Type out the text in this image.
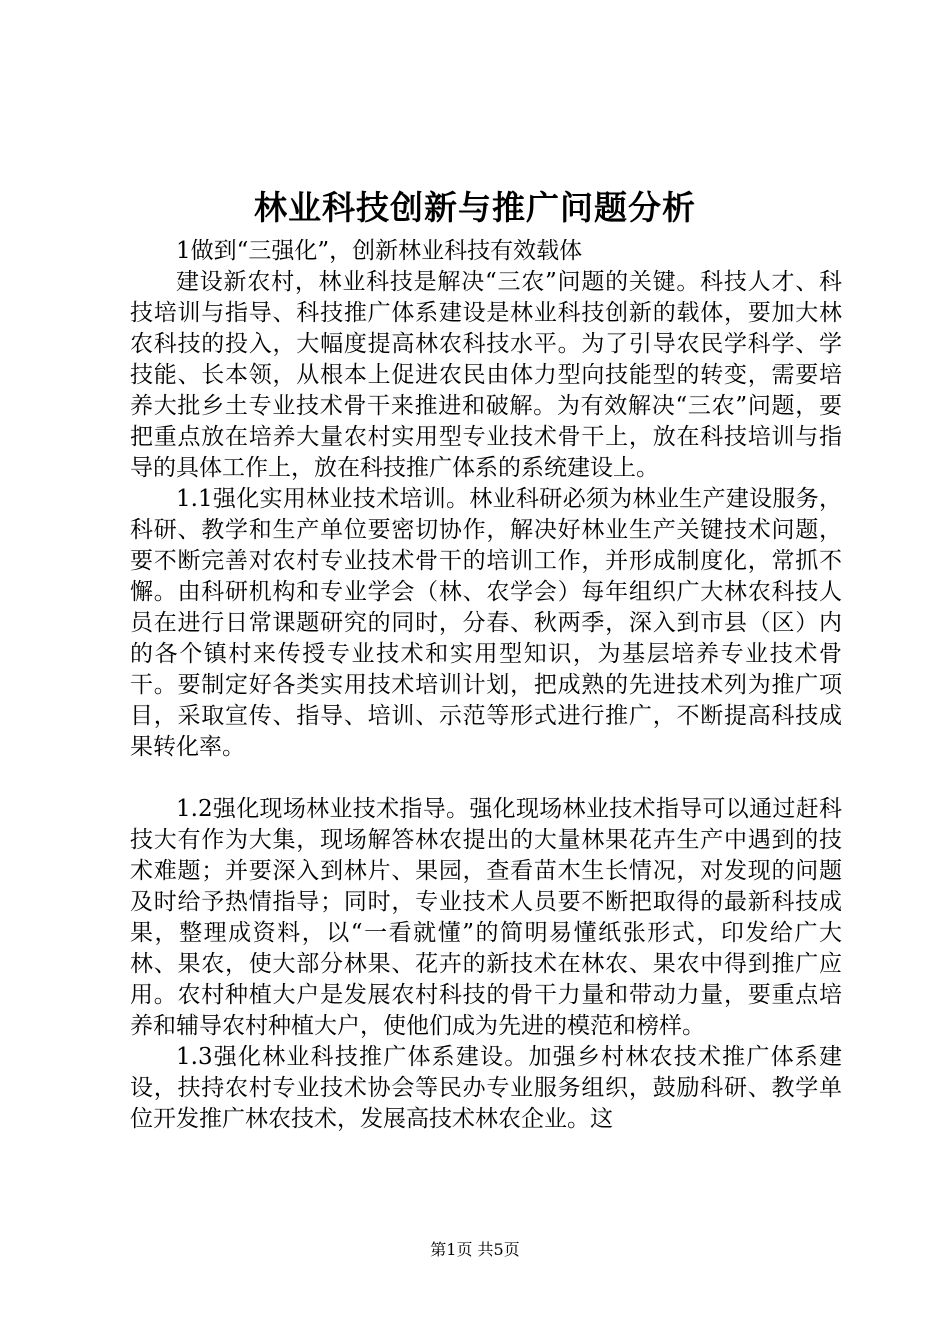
林业科技创新与推广问题分析

1做到“三强化”，创新林业科技有效载体

建设新农村，林业科技是解决“三农”问题的关键。科技人才、科技培训与指导、科技推广体系建设是林业科技创新的载体，要加大林农科技的投入，大幅度提高林农科技水平。为了引导农民学科学、学技能、长本领，从根本上促进农民由体力型向技能型的转变，需要培养大批乡土专业技术骨干来推进和破解。为有效解决“三农”问题，要把重点放在培养大量农村实用型专业技术骨干上，放在科技培训与指导的具体工作上，放在科技推广体系的系统建设上。

1.1强化实用林业技术培训。林业科研必须为林业生产建设服务，科研、教学和生产单位要密切协作，解决好林业生产关键技术问题，要不断完善对农村专业技术骨干的培训工作，并形成制度化，常抓不懈。由科研机构和专业学会（林、农学会）每年组织广大林农科技人员在进行日常课题研究的同时，分春、秋两季，深入到市县（区）内的各个镇村来传授专业技术和实用型知识，为基层培养专业技术骨干。要制定好各类实用技术培训计划，把成熟的先进技术列为推广项目，采取宣传、指导、培训、示范等形式进行推广，不断提高科技成果转化率。

1.2强化现场林业技术指导。强化现场林业技术指导可以通过赶科技大有作为大集，现场解答林农提出的大量林果花卉生产中遇到的技术难题；并要深入到林片、果园，查看苗木生长情况，对发现的问题及时给予热情指导；同时，专业技术人员要不断把取得的最新科技成果，整理成资料，以“一看就懂”的简明易懂纸张形式，印发给广大林、果农，使大部分林果、花卉的新技术在林农、果农中得到推广应用。农村种植大户是发展农村科技的骨干力量和带动力量，要重点培养和辅导农村种植大户，使他们成为先进的模范和榜样。

1.3强化林业科技推广体系建设。加强乡村林农技术推广体系建设，扶持农村专业技术协会等民办专业服务组织，鼓励科研、教学单位开发推广林农技术，发展高技术林农企业。这

第1页 共5页
